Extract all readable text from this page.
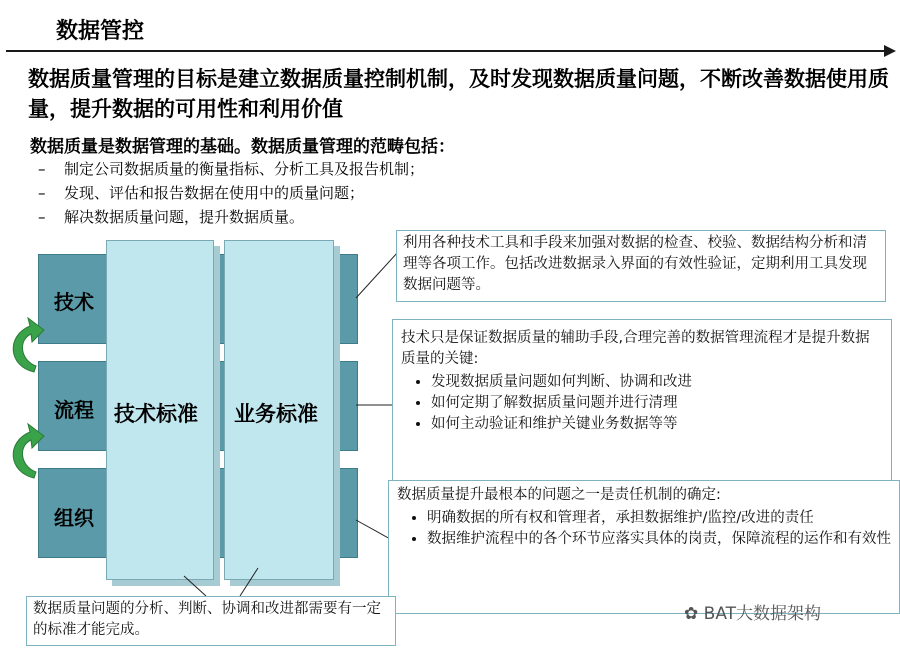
数据管控
数据质量管理的目标是建立数据质量控制机制，及时发现数据质量问题，不断改善数据使用质量，提升数据的可用性和利用价值
数据质量是数据管理的基础。数据质量管理的范畴包括：
– 制定公司数据质量的衡量指标、分析工具及报告机制；
– 发现、评估和报告数据在使用中的质量问题；
– 解决数据质量问题，提升数据质量。
技术
流程
组织
技术标准 业务标准

利用各种技术工具和手段来加强对数据的检查、校验、数据结构分析和清理等各项工作。包括改进数据录入界面的有效性验证，定期利用工具发现数据问题等。

技术只是保证数据质量的辅助手段,合理完善的数据管理流程才是提升数据质量的关键:

• 发现数据质量问题如何判断、协调和改进
• 如何定期了解数据质量问题并进行清理
• 如何主动验证和维护关键业务数据等等

数据质量提升最根本的问题之一是责任机制的确定:

• 明确数据的所有权和管理者，承担数据维护/监控/改进的责任
• 数据维护流程中的各个环节应落实具体的岗责，保障流程的运作和有效性

数据质量问题的分析、判断、协调和改进都需要有一定的标准才能完成。

✿ BAT大数据架构
